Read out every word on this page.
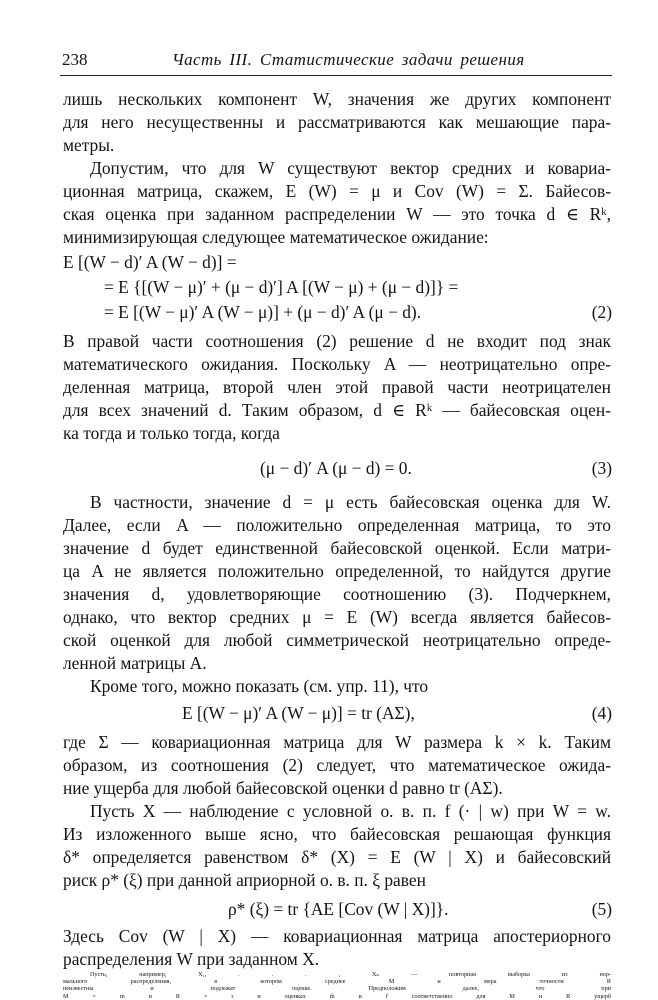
238	Часть III. Статистические задачи решения
лишь нескольких компонент W, значения же других компонент
для него несущественны и рассматриваются как мешающие пара-
метры.
Допустим, что для W существуют вектор средних и ковариа-
ционная матрица, скажем, E (W) = μ и Cov (W) = Σ. Байесов-
ская оценка при заданном распределении W — это точка d ∈ Rᵏ,
минимизирующая следующее математическое ожидание:
E [(W − d)′ A (W − d)] =
= E {[(W − μ)′ + (μ − d)′] A [(W − μ) + (μ − d)]} =
= E [(W − μ)′ A (W − μ)] + (μ − d)′ A (μ − d).	(2)
В правой части соотношения (2) решение d не входит под знак
математического ожидания. Поскольку A — неотрицательно опре-
деленная матрица, второй член этой правой части неотрицателен
для всех значений d. Таким образом, d ∈ Rᵏ — байесовская оцен-
ка тогда и только тогда, когда
(μ − d)′ A (μ − d) = 0.	(3)
В частности, значение d = μ есть байесовская оценка для W.
Далее, если A — положительно определенная матрица, то это
значение d будет единственной байесовской оценкой. Если матри-
ца A не является положительно определенной, то найдутся другие
значения d, удовлетворяющие соотношению (3). Подчеркнем,
однако, что вектор средних μ = E (W) всегда является байесов-
ской оценкой для любой симметрической неотрицательно опреде-
ленной матрицы A.
Кроме того, можно показать (см. упр. 11), что
E [(W − μ)′ A (W − μ)] = tr (AΣ),	(4)
где Σ — ковариационная матрица для W размера k × k. Таким
образом, из соотношения (2) следует, что математическое ожида-
ние ущерба для любой байесовской оценки d равно tr (AΣ).
Пусть X — наблюдение с условной о. в. п. f (· | w) при W = w.
Из изложенного выше ясно, что байесовская решающая функция
δ* определяется равенством δ* (X) = E (W | X) и байесовский
риск ρ* (ξ) при данной априорной о. в. п. ξ равен
ρ* (ξ) = tr {AE [Cov (W | X)]}.	(5)
Здесь Cov (W | X) — ковариационная матрица апостериорного
распределения W при заданном X.
Пусть, например, X₁, . . . , Xₙ — повторная выборка из нор-
мального распределения, в котором среднее M и мера точности R
неизвестны и подлежат оценке. Предположим далее, что при
M = m и R = r и оценках m̂ и r̂ соответственно для M и R ущерб
